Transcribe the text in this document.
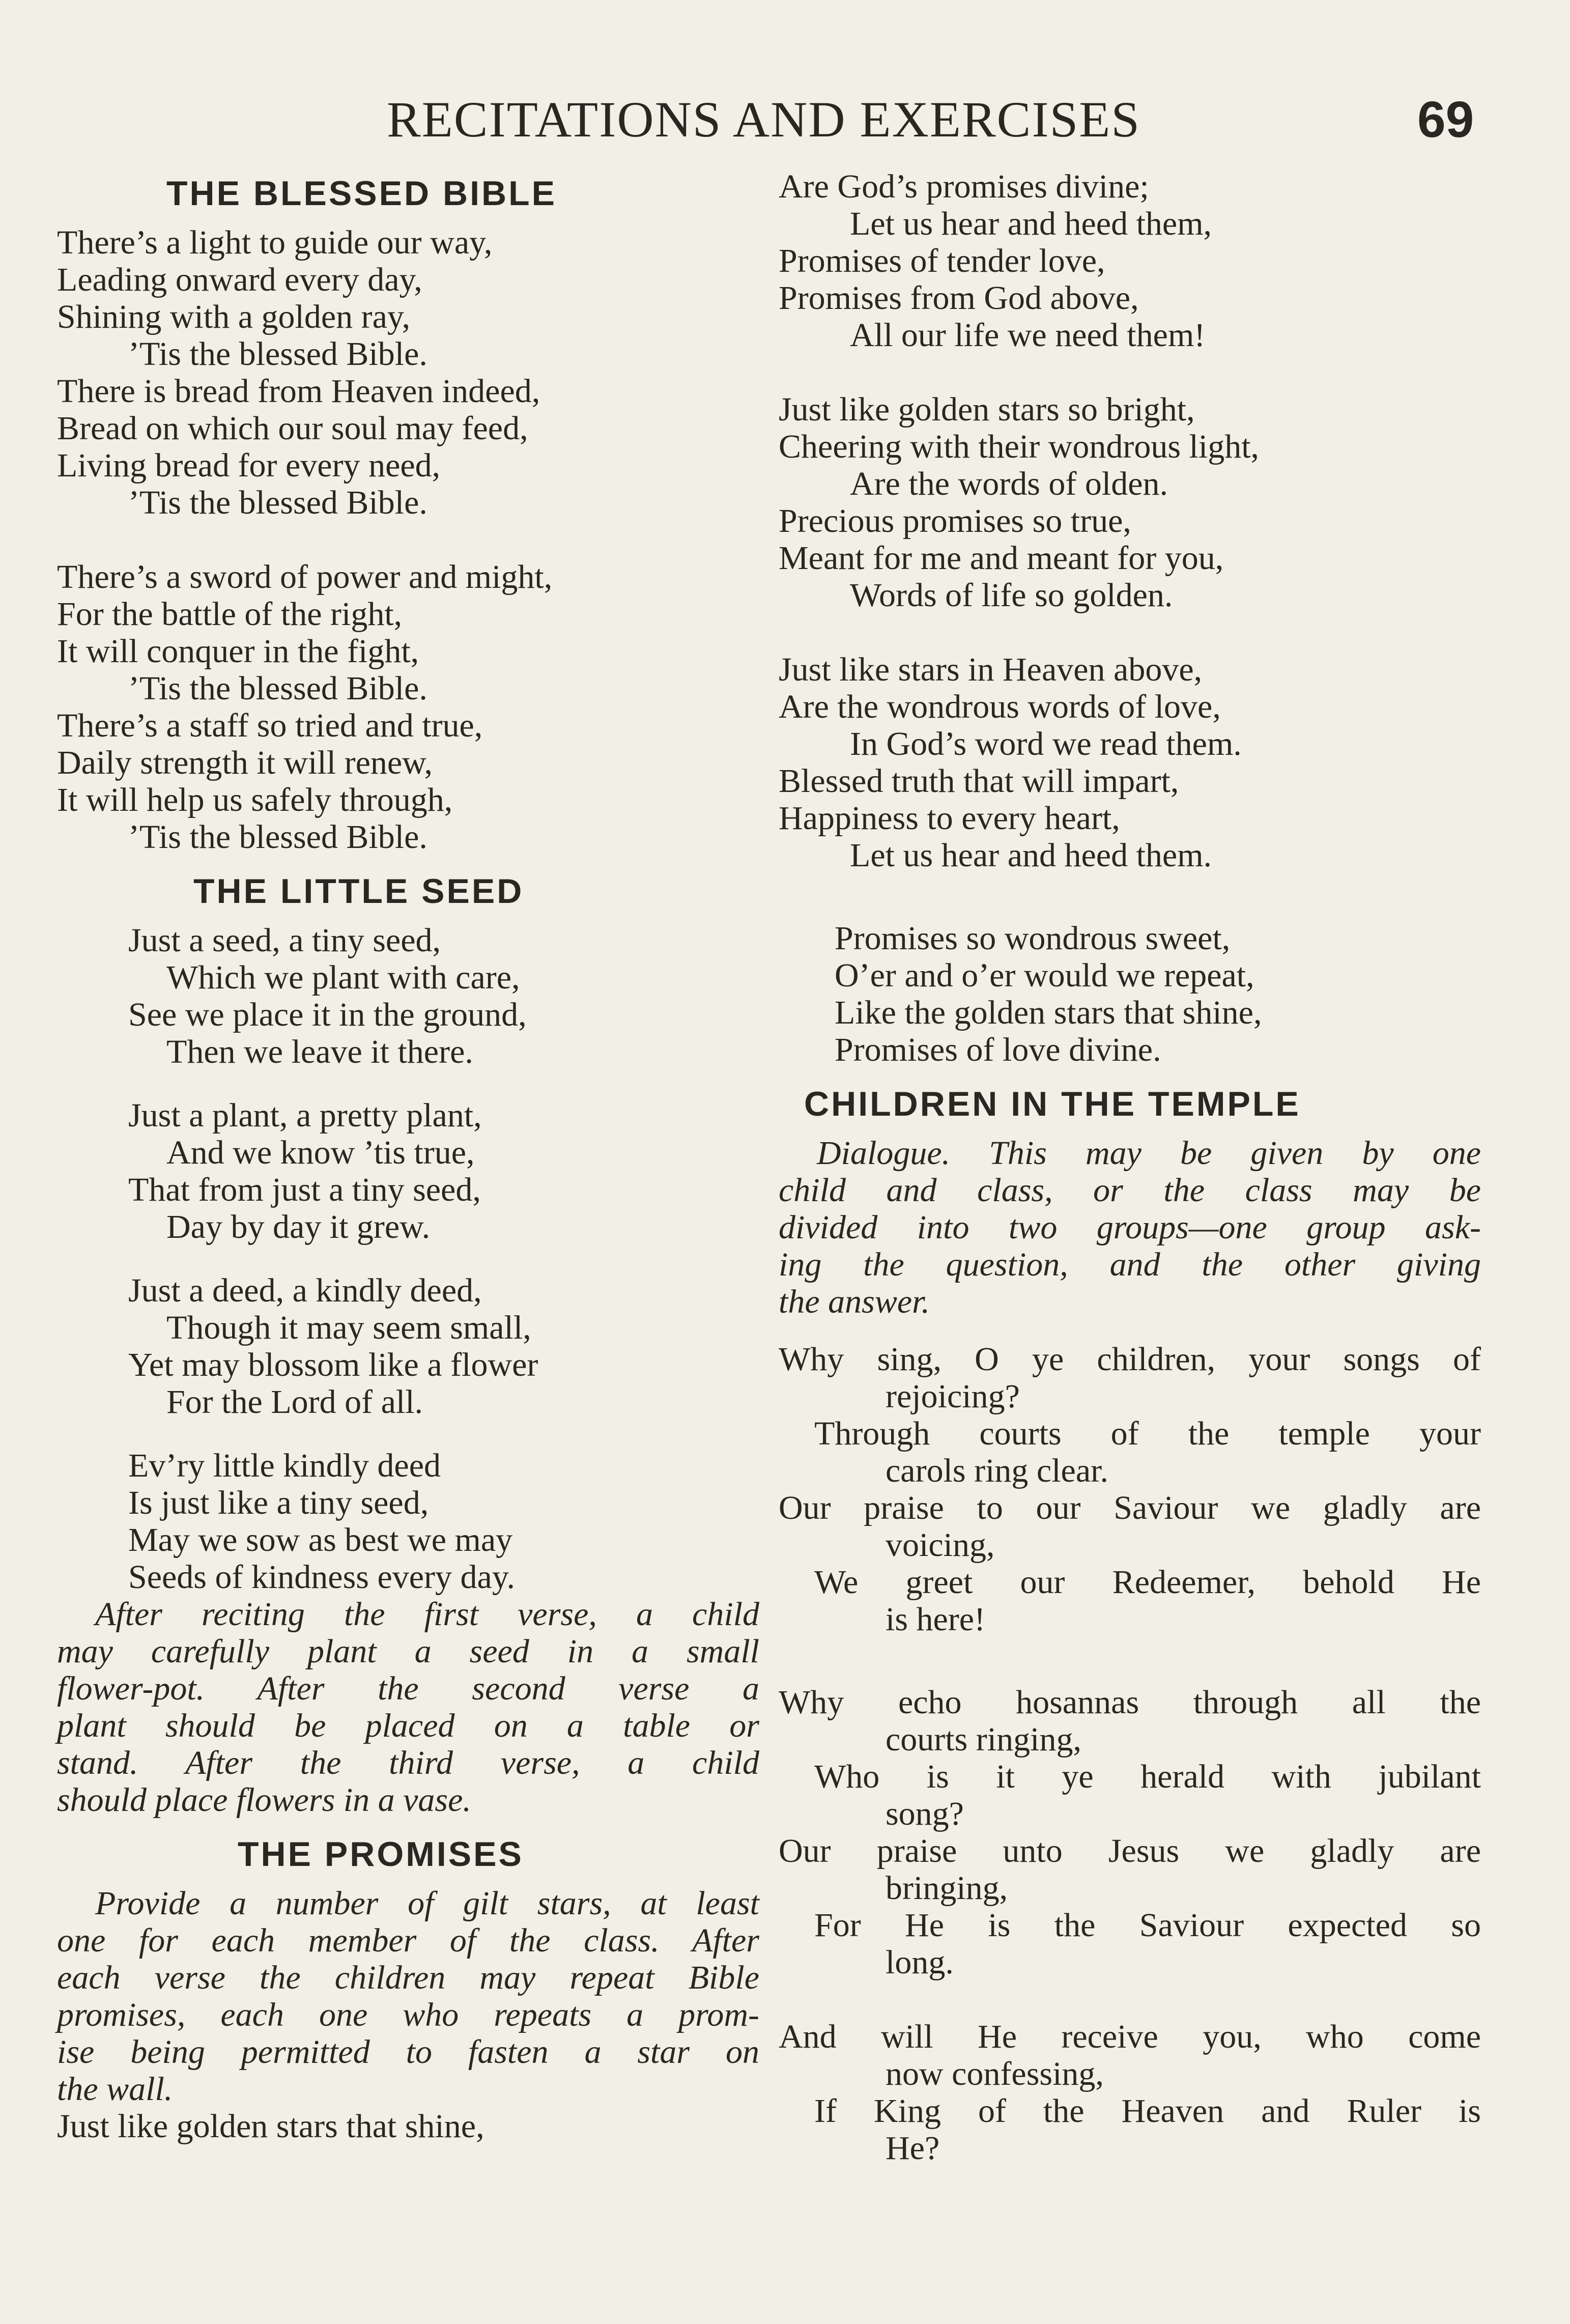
RECITATIONS AND EXERCISES	69
THE BLESSED BIBLE
There’s a light to guide our way,
Leading onward every day,
Shining with a golden ray,
’Tis the blessed Bible.
There is bread from Heaven indeed,
Bread on which our soul may feed,
Living bread for every need,
’Tis the blessed Bible.
There’s a sword of power and might,
For the battle of the right,
It will conquer in the fight,
’Tis the blessed Bible.
There’s a staff so tried and true,
Daily strength it will renew,
It will help us safely through,
’Tis the blessed Bible.
THE LITTLE SEED
Just a seed, a tiny seed,
Which we plant with care,
See we place it in the ground,
Then we leave it there.
Just a plant, a pretty plant,
And we know ’tis true,
That from just a tiny seed,
Day by day it grew.
Just a deed, a kindly deed,
Though it may seem small,
Yet may blossom like a flower
For the Lord of all.
Ev’ry little kindly deed
Is just like a tiny seed,
May we sow as best we may
Seeds of kindness every day.
After reciting the first verse, a child
may carefully plant a seed in a small
flower-pot. After the second verse a
plant should be placed on a table or
stand. After the third verse, a child
should place flowers in a vase.
THE PROMISES
Provide a number of gilt stars, at least
one for each member of the class. After
each verse the children may repeat Bible
promises, each one who repeats a prom-
ise being permitted to fasten a star on
the wall.
Just like golden stars that shine,
Are God’s promises divine;
Let us hear and heed them,
Promises of tender love,
Promises from God above,
All our life we need them!
Just like golden stars so bright,
Cheering with their wondrous light,
Are the words of olden.
Precious promises so true,
Meant for me and meant for you,
Words of life so golden.
Just like stars in Heaven above,
Are the wondrous words of love,
In God’s word we read them.
Blessed truth that will impart,
Happiness to every heart,
Let us hear and heed them.
Promises so wondrous sweet,
O’er and o’er would we repeat,
Like the golden stars that shine,
Promises of love divine.
CHILDREN IN THE TEMPLE
Dialogue. This may be given by one
child and class, or the class may be
divided into two groups—one group ask-
ing the question, and the other giving
the answer.
Why sing, O ye children, your songs of
rejoicing?
Through courts of the temple your
carols ring clear.
Our praise to our Saviour we gladly are
voicing,
We greet our Redeemer, behold He
is here!
Why echo hosannas through all the
courts ringing,
Who is it ye herald with jubilant
song?
Our praise unto Jesus we gladly are
bringing,
For He is the Saviour expected so
long.
And will He receive you, who come
now confessing,
If King of the Heaven and Ruler is
He?
